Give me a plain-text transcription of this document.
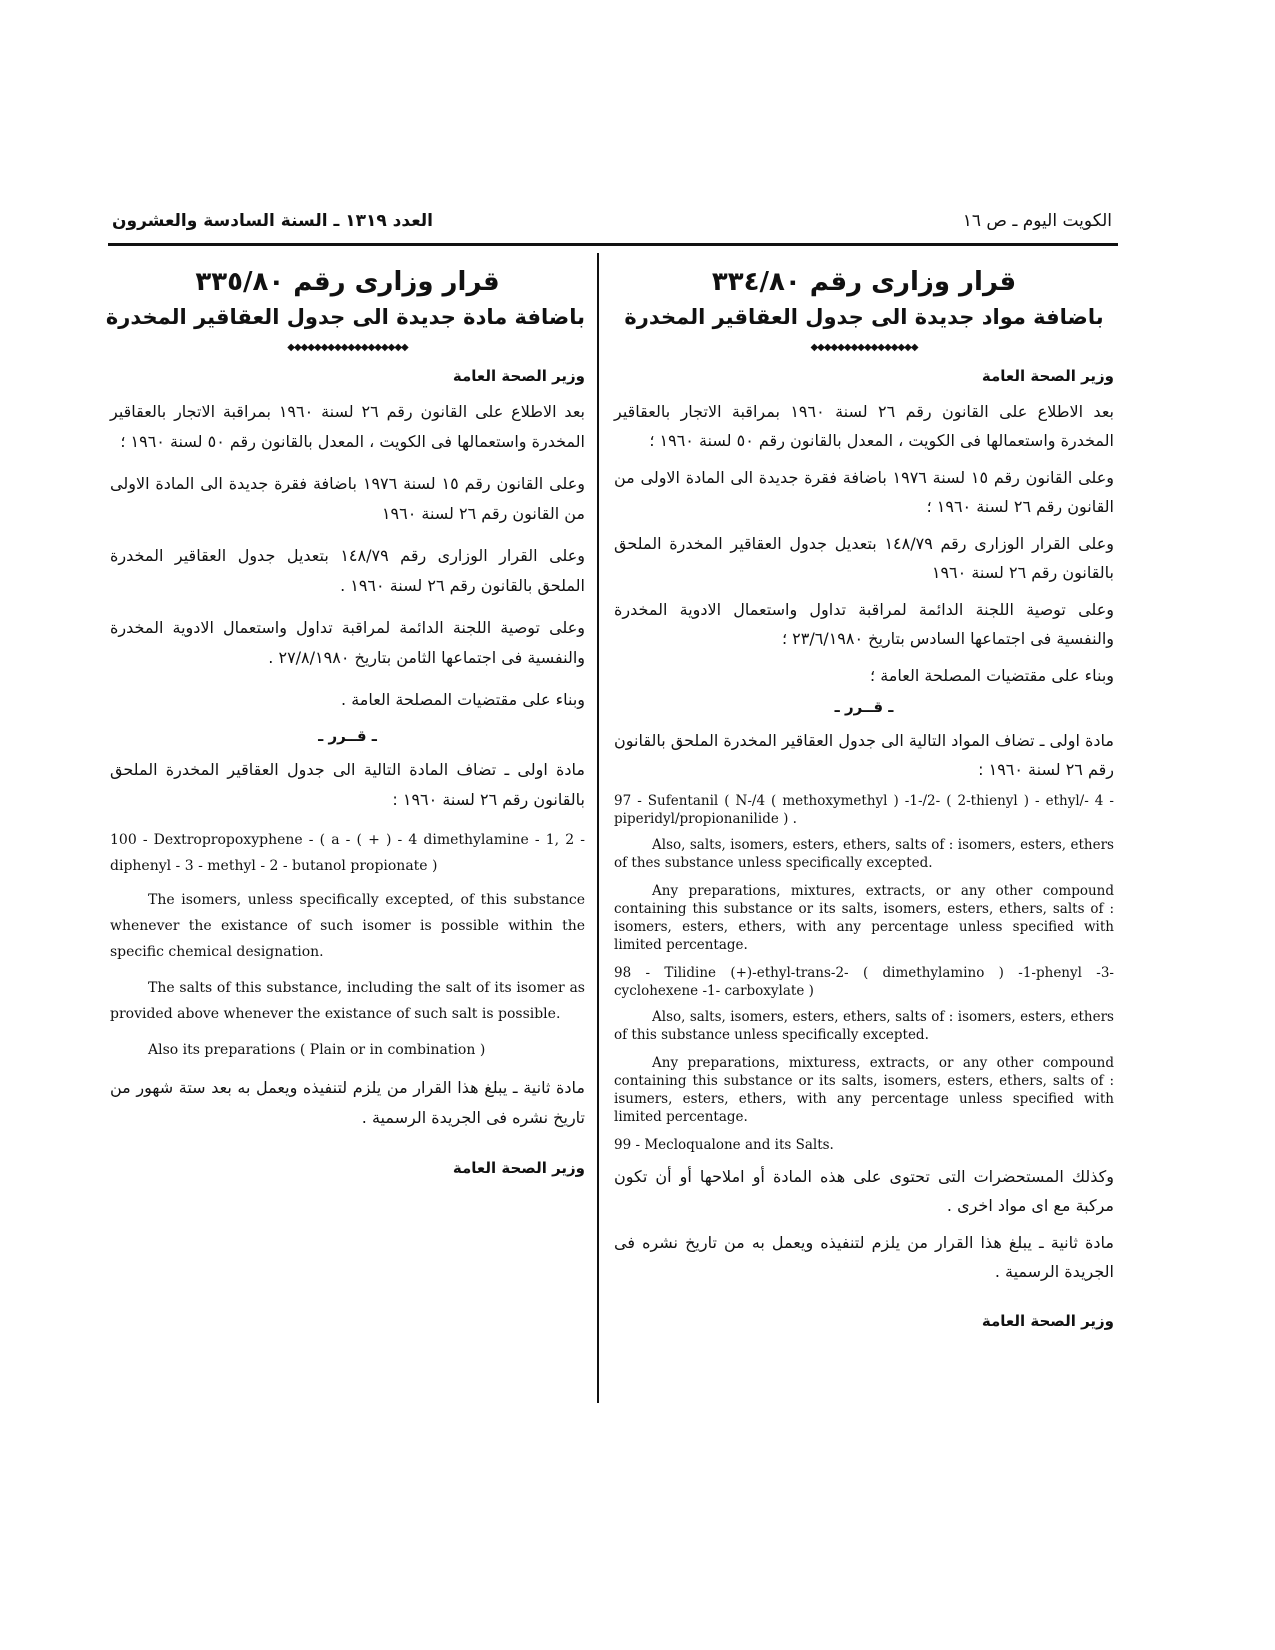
العدد ١٣١٩ ـ السنة السادسة والعشرون	الكويت اليوم ـ ص ١٦
قرار وزارى رقم ٣٣٤/٨٠
باضافة مواد جديدة الى جدول العقاقير المخدرة
◆◆◆◆◆◆◆◆◆◆◆◆◆◆◆◆
وزير الصحة العامة

بعد الاطلاع على القانون رقم ٢٦ لسنة ١٩٦٠ بمراقبة الاتجار بالعقاقير المخدرة واستعمالها فى الكويت ، المعدل بالقانون رقم ٥٠ لسنة ١٩٦٠ ؛

وعلى القانون رقم ١٥ لسنة ١٩٧٦ باضافة فقرة جديدة الى المادة الاولى من القانون رقم ٢٦ لسنة ١٩٦٠ ؛

وعلى القرار الوزارى رقم ١٤٨/٧٩ بتعديل جدول العقاقير المخدرة الملحق بالقانون رقم ٢٦ لسنة ١٩٦٠

وعلى توصية اللجنة الدائمة لمراقبة تداول واستعمال الادوية المخدرة والنفسية فى اجتماعها السادس بتاريخ ٢٣/٦/١٩٨٠ ؛

وبناء على مقتضيات المصلحة العامة ؛

ـ قــرر ـ

مادة اولى ـ تضاف المواد التالية الى جدول العقاقير المخدرة الملحق بالقانون رقم ٢٦ لسنة ١٩٦٠ :

97 - Sufentanil ( N-/4 ( methoxymethyl ) -1-/2- ( 2-thienyl ) - ethyl/- 4 - piperidyl/propionanilide ) .

Also, salts, isomers, esters, ethers, salts of : isomers, esters, ethers of thes substance unless specifically excepted.

Any preparations, mixtures, extracts, or any other compound containing this substance or its salts, isomers, esters, ethers, salts of : isomers, esters, ethers, with any percentage unless specified with limited percentage.

98 - Tilidine (+)-ethyl-trans-2- ( dimethylamino ) -1-phenyl -3- cyclohexene -1- carboxylate )

Also, salts, isomers, esters, ethers, salts of : isomers, esters, ethers of this substance unless specifically excepted.

Any preparations, mixturess, extracts, or any other compound containing this substance or its salts, isomers, esters, ethers, salts of : isumers, esters, ethers, with any percentage unless specified with limited percentage.

99 - Mecloqualone and its Salts.

وكذلك المستحضرات التى تحتوى على هذه المادة أو املاحها أو أن تكون مركبة مع اى مواد اخرى .

مادة ثانية ـ يبلغ هذا القرار من يلزم لتنفيذه ويعمل به من تاريخ نشره فى الجريدة الرسمية .

وزير الصحة العامة
قرار وزارى رقم ٣٣٥/٨٠
باضافة مادة جديدة الى جدول العقاقير المخدرة
◆◆◆◆◆◆◆◆◆◆◆◆◆◆◆◆◆◆
وزير الصحة العامة

بعد الاطلاع على القانون رقم ٢٦ لسنة ١٩٦٠ بمراقبة الاتجار بالعقاقير المخدرة واستعمالها فى الكويت ، المعدل بالقانون رقم ٥٠ لسنة ١٩٦٠ ؛

وعلى القانون رقم ١٥ لسنة ١٩٧٦ باضافة فقرة جديدة الى المادة الاولى من القانون رقم ٢٦ لسنة ١٩٦٠

وعلى القرار الوزارى رقم ١٤٨/٧٩ بتعديل جدول العقاقير المخدرة الملحق بالقانون رقم ٢٦ لسنة ١٩٦٠ .

وعلى توصية اللجنة الدائمة لمراقبة تداول واستعمال الادوية المخدرة والنفسية فى اجتماعها الثامن بتاريخ ٢٧/٨/١٩٨٠ .

وبناء على مقتضيات المصلحة العامة .

ـ قــرر ـ

مادة اولى ـ تضاف المادة التالية الى جدول العقاقير المخدرة الملحق بالقانون رقم ٢٦ لسنة ١٩٦٠ :

100 - Dextropropoxyphene - ( a - ( + ) - 4 dimethylamine - 1, 2 - diphenyl - 3 - methyl - 2 - butanol propionate )

The isomers, unless specifically excepted, of this substance whenever the existance of such isomer is possible within the specific chemical designation.

The salts of this substance, including the salt of its isomer as provided above whenever the existance of such salt is possible.

Also its preparations ( Plain or in combination )

مادة ثانية ـ يبلغ هذا القرار من يلزم لتنفيذه ويعمل به بعد ستة شهور من تاريخ نشره فى الجريدة الرسمية .

وزير الصحة العامة
